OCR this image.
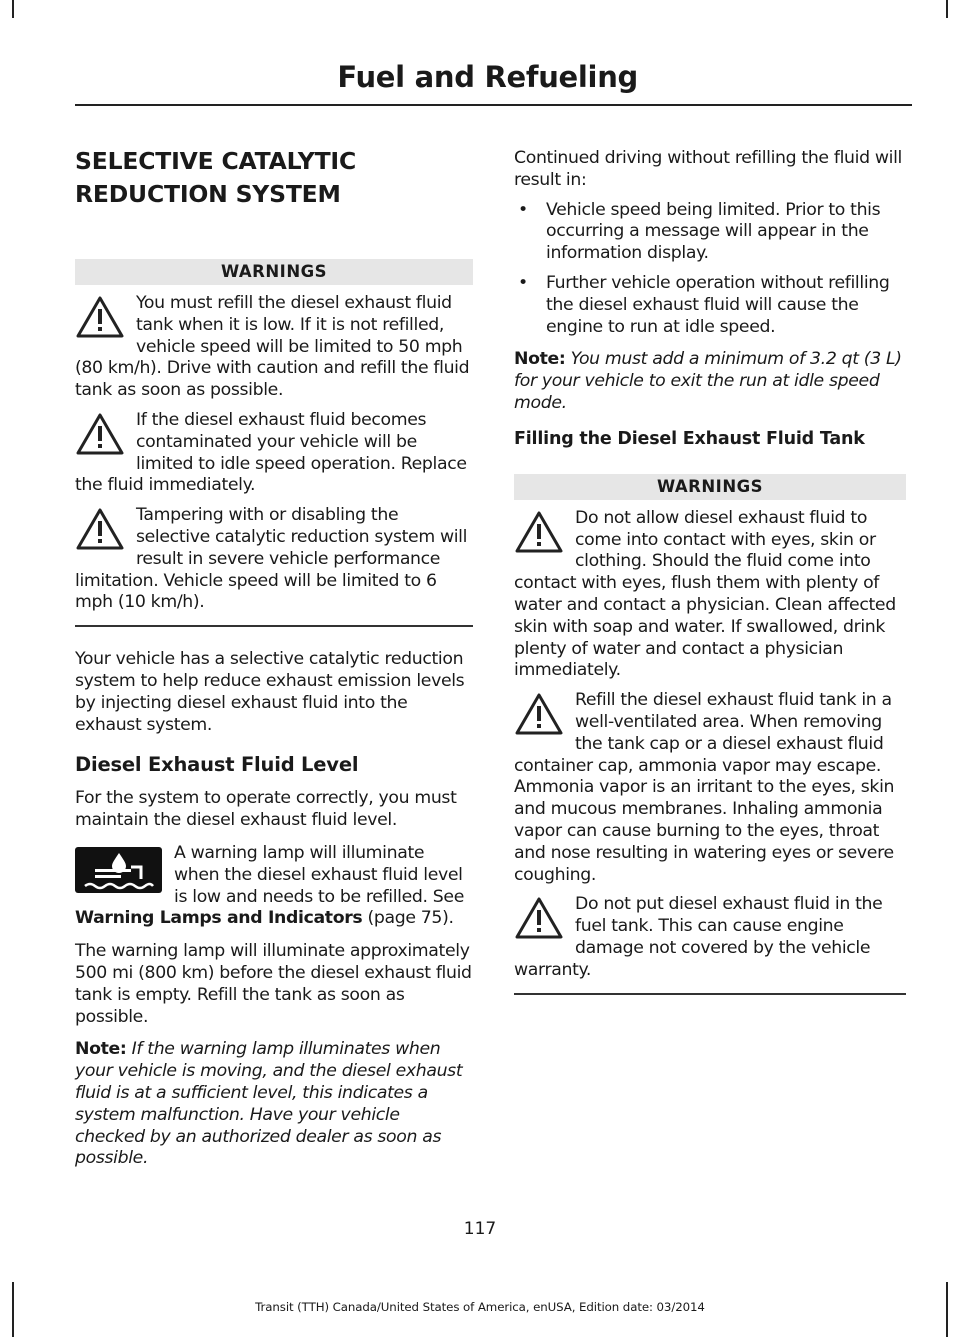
Fuel and Refueling
SELECTIVE CATALYTIC REDUCTION SYSTEM
WARNINGS
You must refill the diesel exhaust fluid tank when it is low. If it is not refilled, vehicle speed will be limited to 50 mph (80 km/h). Drive with caution and refill the fluid tank as soon as possible.
If the diesel exhaust fluid becomes contaminated your vehicle will be limited to idle speed operation. Replace the fluid immediately.
Tampering with or disabling the selective catalytic reduction system will result in severe vehicle performance limitation. Vehicle speed will be limited to 6 mph (10 km/h).

Your vehicle has a selective catalytic reduction system to help reduce exhaust emission levels by injecting diesel exhaust fluid into the exhaust system.

Diesel Exhaust Fluid Level

For the system to operate correctly, you must maintain the diesel exhaust fluid level.

A warning lamp will illuminate when the diesel exhaust fluid level is low and needs to be refilled. See Warning Lamps and Indicators (page 75).

The warning lamp will illuminate approximately 500 mi (800 km) before the diesel exhaust fluid tank is empty. Refill the tank as soon as possible.

Note: If the warning lamp illuminates when your vehicle is moving, and the diesel exhaust fluid is at a sufficient level, this indicates a system malfunction. Have your vehicle checked by an authorized dealer as soon as possible.

Continued driving without refilling the fluid will result in:

• Vehicle speed being limited. Prior to this occurring a message will appear in the information display.
• Further vehicle operation without refilling the diesel exhaust fluid will cause the engine to run at idle speed.

Note: You must add a minimum of 3.2 qt (3 L) for your vehicle to exit the run at idle speed mode.

Filling the Diesel Exhaust Fluid Tank
WARNINGS
Do not allow diesel exhaust fluid to come into contact with eyes, skin or clothing. Should the fluid come into contact with eyes, flush them with plenty of water and contact a physician. Clean affected skin with soap and water. If swallowed, drink plenty of water and contact a physician immediately.
Refill the diesel exhaust fluid tank in a well-ventilated area. When removing the tank cap or a diesel exhaust fluid container cap, ammonia vapor may escape. Ammonia vapor is an irritant to the eyes, skin and mucous membranes. Inhaling ammonia vapor can cause burning to the eyes, throat and nose resulting in watering eyes or severe coughing.
Do not put diesel exhaust fluid in the fuel tank. This can cause engine damage not covered by the vehicle warranty.
117
Transit (TTH) Canada/United States of America, enUSA, Edition date: 03/2014
